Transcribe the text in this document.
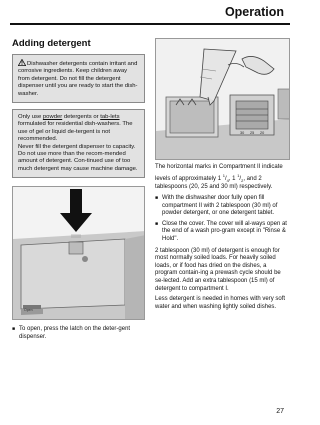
Operation
Adding detergent

Dishwasher detergents contain irritant and corrosive ingredients. Keep children away from detergent. Do not fill the detergent dispenser until you are ready to start the dish-washer.

Only use powder detergents or tab-lets formulated for residential dish-washers. The use of gel or liquid de-tergent is not recommended.

Never fill the detergent dispenser to capacity.

Do not use more than the recom-mended amount of detergent. Con-tinued use of too much detergent may cause machine damage.

Open
■ To open, press the latch on the deter-gent dispenser.
30 25 20

The horizontal marks in Compartment II indicate levels of approximately 1 $^1/_4$, 1 $^1/_2$, and 2 tablespoons (20, 25 and 30 ml) respectively.

■ With the dishwasher door fully open fill compartment II with 2 tablespoon (30 ml) of powder detergent, or one detergent tablet.
■ Close the cover. The cover will al-ways open at the end of a wash pro-gram except in "Rinse & Hold".

2 tablespoon (30 ml) of detergent is enough for most normally soiled loads. For heavily soiled loads, or if food has dried on the dishes, a program contain-ing a prewash cycle should be se-lected. Add an extra tablespoon (15 ml) of detergent to compartment I.

Less detergent is needed in homes with very soft water and when washing lightly soiled dishes.

27
